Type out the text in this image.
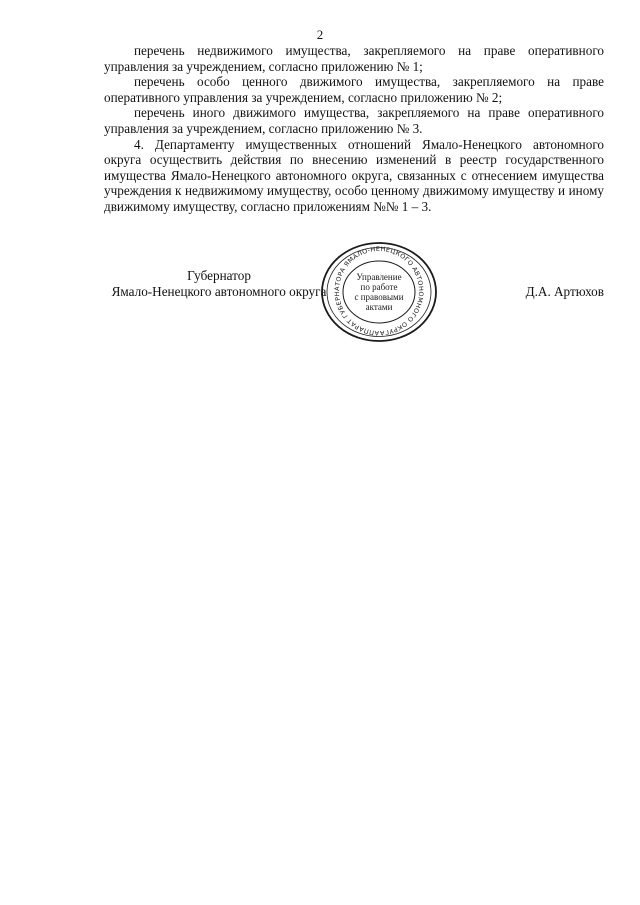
2

перечень недвижимого имущества, закрепляемого на праве оперативного управления за учреждением, согласно приложению № 1;

перечень особо ценного движимого имущества, закрепляемого на праве оперативного управления за учреждением, согласно приложению № 2;

перечень иного движимого имущества, закрепляемого на праве оперативного управления за учреждением, согласно приложению № 3.

4. Департаменту имущественных отношений Ямало-Ненецкого автономного округа осуществить действия по внесению изменений в реестр государственного имущества Ямало-Ненецкого автономного округа, связанных с отнесением имущества учреждения к недвижимому имуществу, особо ценному движимому имуществу и иному движимому имуществу, согласно приложениям №№ 1 – 3.

Губернатор
Ямало-Ненецкого автономного округа	Д.А. Артюхов
АППАРАТ ГУБЕРНАТОРА ЯМАЛО-НЕНЕЦКОГО АВТОНОМНОГО ОКРУГА
Управление
по работе
с правовыми
актами
